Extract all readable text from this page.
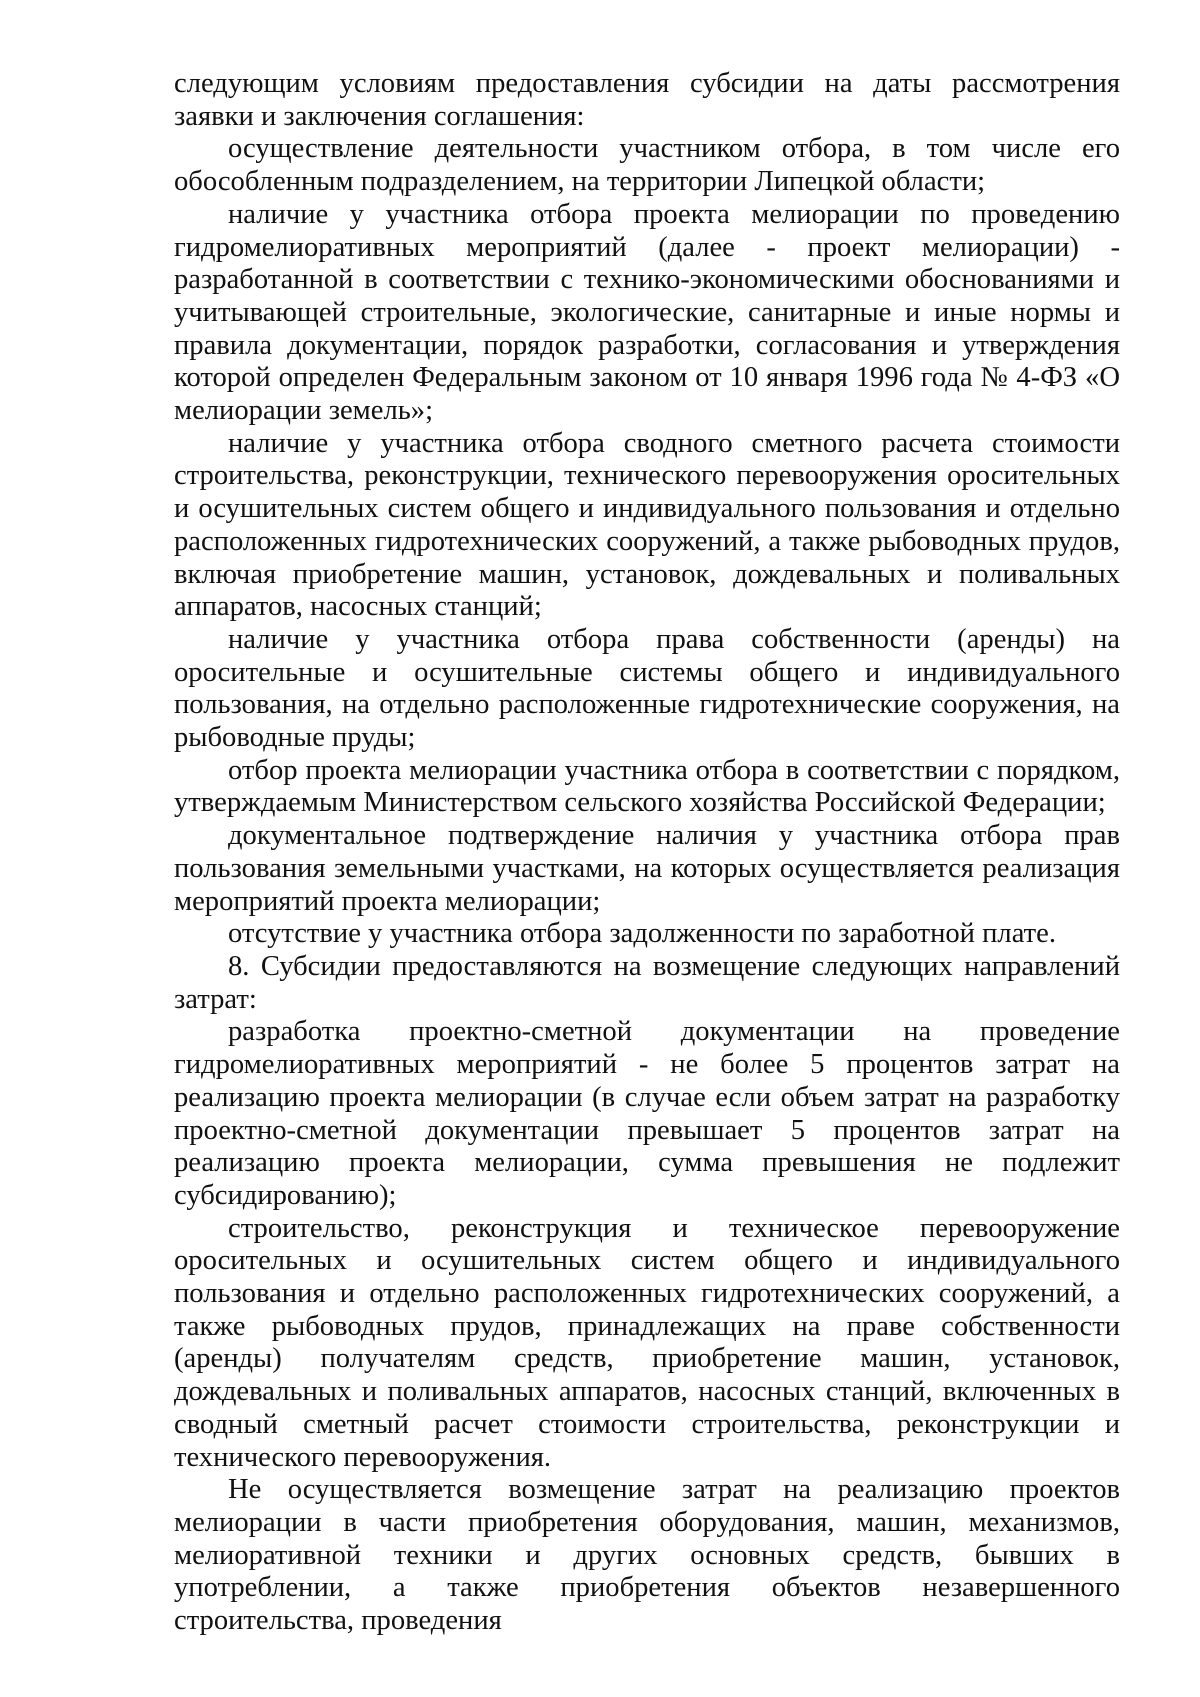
следующим условиям предоставления субсидии на даты рассмотрения заявки и заключения соглашения:

осуществление деятельности участником отбора, в том числе его обособленным подразделением, на территории Липецкой области;

наличие у участника отбора проекта мелиорации по проведению гидромелиоративных мероприятий (далее - проект мелиорации) - разработанной в соответствии с технико-экономическими обоснованиями и учитывающей строительные, экологические, санитарные и иные нормы и правила документации, порядок разработки, согласования и утверждения которой определен Федеральным законом от 10 января 1996 года № 4-ФЗ «О мелиорации земель»;

наличие у участника отбора сводного сметного расчета стоимости строительства, реконструкции, технического перевооружения оросительных и осушительных систем общего и индивидуального пользования и отдельно расположенных гидротехнических сооружений, а также рыбоводных прудов, включая приобретение машин, установок, дождевальных и поливальных аппаратов, насосных станций;

наличие у участника отбора права собственности (аренды) на оросительные и осушительные системы общего и индивидуального пользования, на отдельно расположенные гидротехнические сооружения, на рыбоводные пруды;

отбор проекта мелиорации участника отбора в соответствии с порядком, утверждаемым Министерством сельского хозяйства Российской Федерации;

документальное подтверждение наличия у участника отбора прав пользования земельными участками, на которых осуществляется реализация мероприятий проекта мелиорации;

отсутствие у участника отбора задолженности по заработной плате.

8. Субсидии предоставляются на возмещение следующих направлений затрат:

разработка проектно-сметной документации на проведение гидромелиоративных мероприятий - не более 5 процентов затрат на реализацию проекта мелиорации (в случае если объем затрат на разработку проектно-сметной документации превышает 5 процентов затрат на реализацию проекта мелиорации, сумма превышения не подлежит субсидированию);

строительство, реконструкция и техническое перевооружение оросительных и осушительных систем общего и индивидуального пользования и отдельно расположенных гидротехнических сооружений, а также рыбоводных прудов, принадлежащих на праве собственности (аренды) получателям средств, приобретение машин, установок, дождевальных и поливальных аппаратов, насосных станций, включенных в сводный сметный расчет стоимости строительства, реконструкции и технического перевооружения.

Не осуществляется возмещение затрат на реализацию проектов мелиорации в части приобретения оборудования, машин, механизмов, мелиоративной техники и других основных средств, бывших в употреблении, а также приобретения объектов незавершенного строительства, проведения
